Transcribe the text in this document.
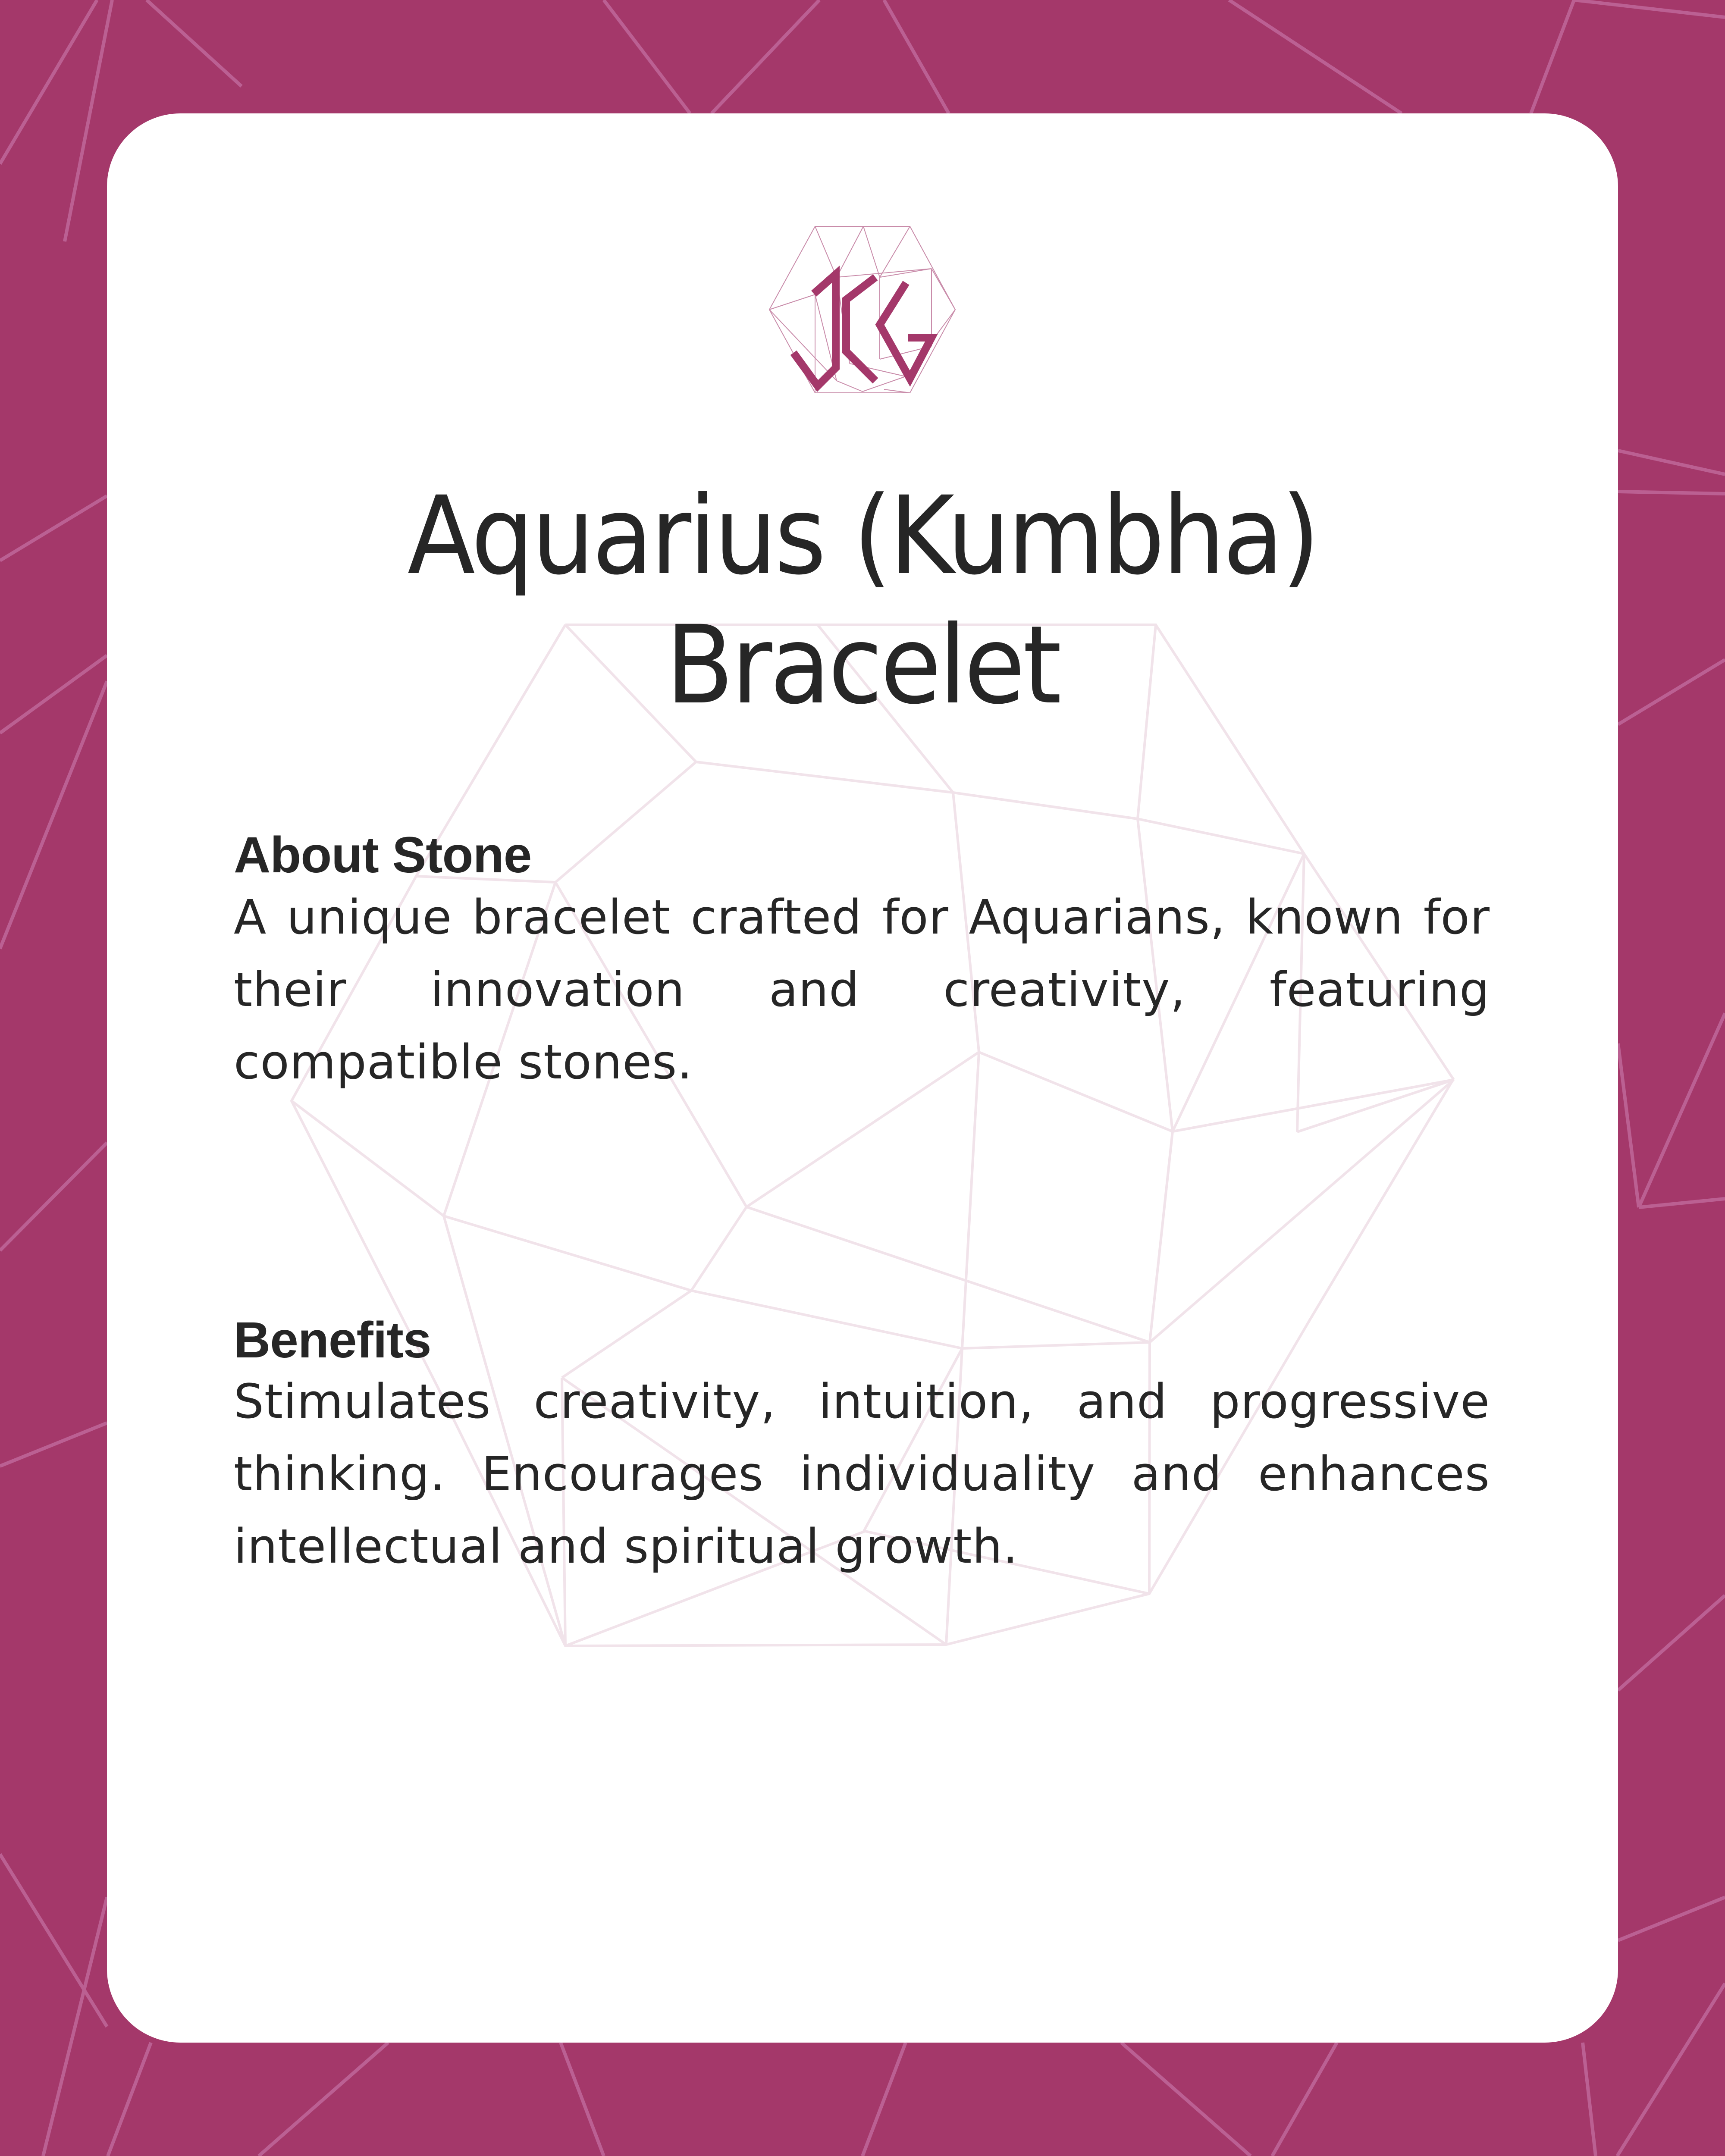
Aquarius (Kumbha)
Bracelet
About Stone
A unique bracelet crafted for Aquarians, known for their innovation and creativity, featuring compatible stones.
Benefits
Stimulates creativity, intuition, and progressive thinking. Encourages individuality and enhances intellectual and spiritual growth.
